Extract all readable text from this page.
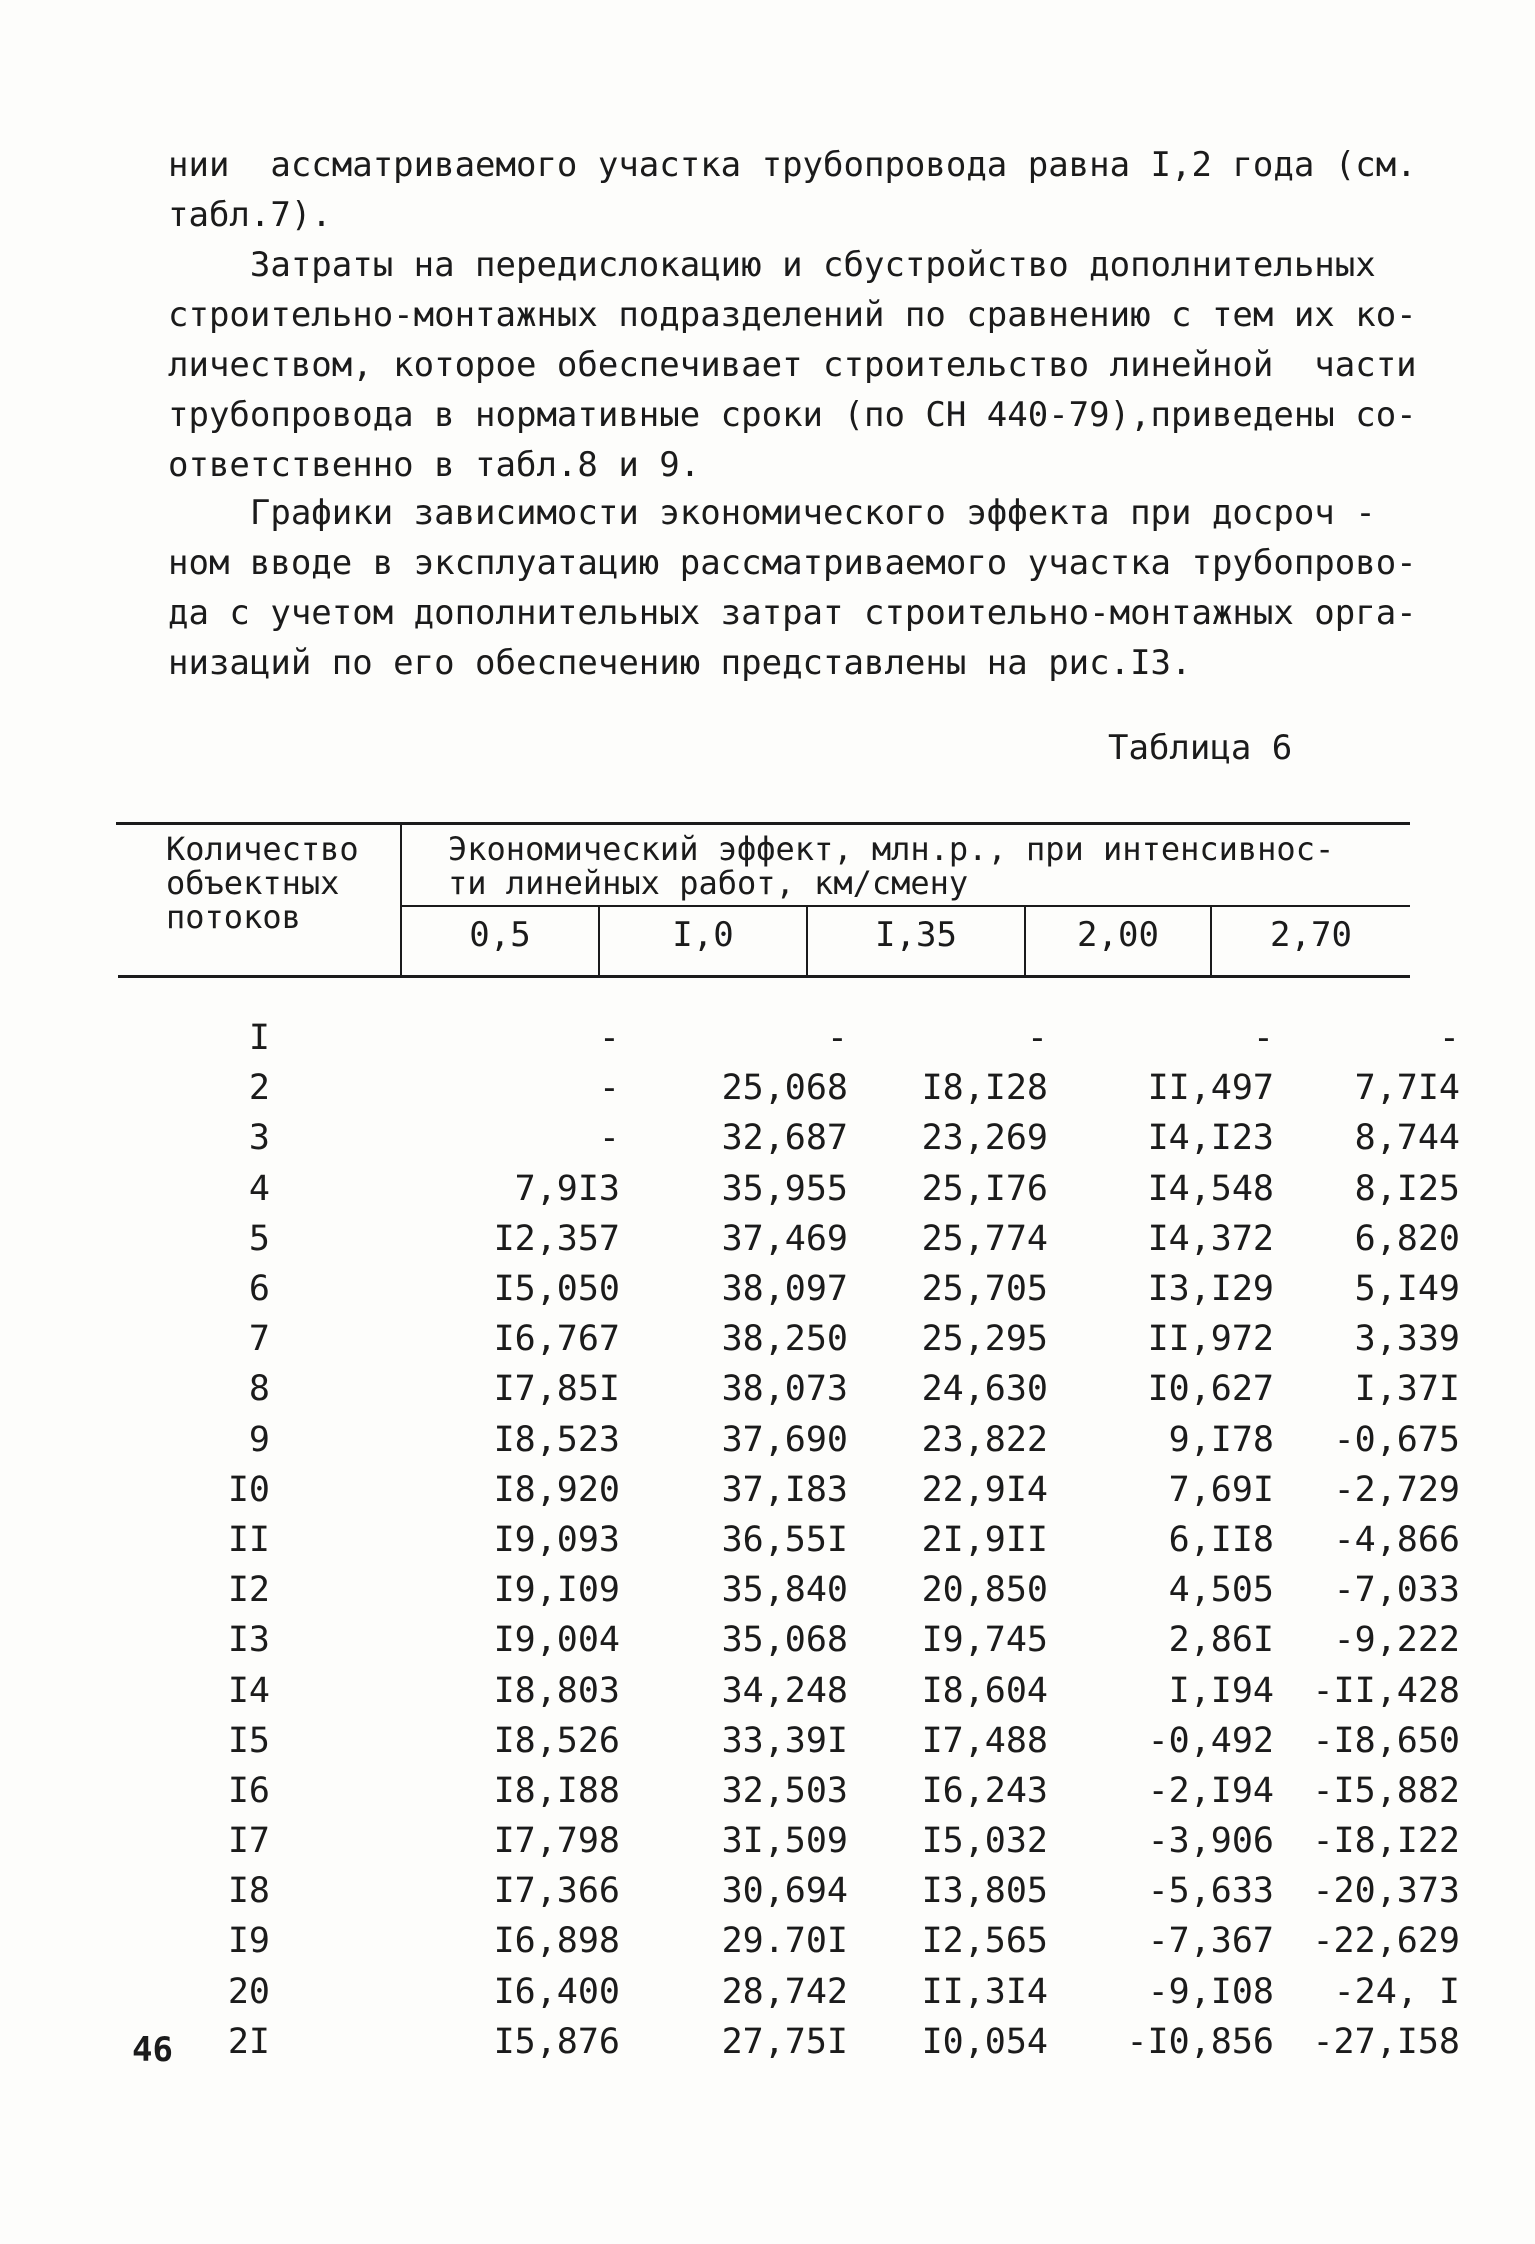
нии  ассматриваемого участка трубопровода равна I,2 года (см.
табл.7).
Затраты на передислокацию и сбустройство дополнительных
строительно-монтажных подразделений по сравнению с тем их ко-
личеством, которое обеспечивает строительство линейной  части
трубопровода в нормативные сроки (по СН 440-79),приведены со-
ответственно в табл.8 и 9.
Графики зависимости экономического эффекта при досроч -
ном вводе в эксплуатацию рассматриваемого участка трубопрово-
да с учетом дополнительных затрат строительно-монтажных орга-
низаций по его обеспечению представлены на рис.I3.
Таблица 6
Количество
объектных
потоков
Экономический эффект, млн.р., при интенсивнос-
ти линейных работ, км/смену
0,5	I,0	I,35	2,00	2,70
I	-	-	-	-	-
2	-	25,068	I8,I28	II,497	7,7I4
3	-	32,687	23,269	I4,I23	8,744
4	7,9I3	35,955	25,I76	I4,548	8,I25
5	I2,357	37,469	25,774	I4,372	6,820
6	I5,050	38,097	25,705	I3,I29	5,I49
7	I6,767	38,250	25,295	II,972	3,339
8	I7,85I	38,073	24,630	I0,627	I,37I
9	I8,523	37,690	23,822	9,I78	-0,675
I0	I8,920	37,I83	22,9I4	7,69I	-2,729
II	I9,093	36,55I	2I,9II	6,II8	-4,866
I2	I9,I09	35,840	20,850	4,505	-7,033
I3	I9,004	35,068	I9,745	2,86I	-9,222
I4	I8,803	34,248	I8,604	I,I94	-II,428
I5	I8,526	33,39I	I7,488	-0,492	-I8,650
I6	I8,I88	32,503	I6,243	-2,I94	-I5,882
I7	I7,798	3I,509	I5,032	-3,906	-I8,I22
I8	I7,366	30,694	I3,805	-5,633	-20,373
I9	I6,898	29.70I	I2,565	-7,367	-22,629
20	I6,400	28,742	II,3I4	-9,I08	-24, I
2I	I5,876	27,75I	I0,054	-I0,856	-27,I58
46
